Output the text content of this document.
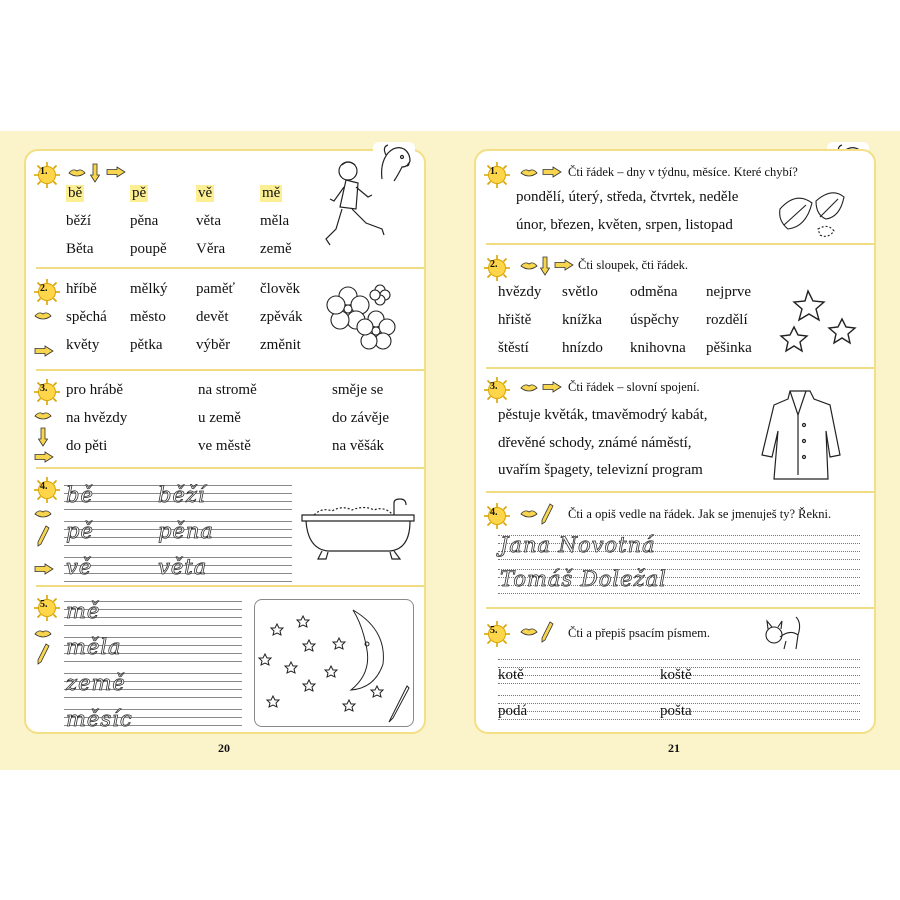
1.
bě	pě	vě	mě
běží	pěna	věta	měla
Běta poupě Věra země
2. hříbě mělký paměť člověk
spěchá město devět zpěvák
květy pětka výběr změnit
3. pro hrábě	na stromě	směje se
na hvězdy	u země	do závěje
do pěti	ve městě	na věšák
4. bě	běží
pě	pěna
vě	věta
5. mě
měla
země
měsíc
1.	Čti řádek – dny v týdnu, měsíce. Které chybí?
pondělí, úterý, středa, čtvrtek, neděle
únor, březen, květen, srpen, listopad
2.	Čti sloupek, čti řádek.
hvězdy světlo odměna nejprve
hřiště knížka úspěchy rozdělí
štěstí hnízdo knihovna pěšinka
3.	Čti řádek – slovní spojení.
pěstuje květák, tmavěmodrý kabát,
dřevěné schody, známé náměstí,
uvařím špagety, televizní program
4.	Čti a opiš vedle na řádek. Jak se jmenuješ ty? Řekni.
Jana Novotná
Tomáš Doležal
5.	Čti a přepiš psacím písmem.
kotě	koště
podá	pošta
20	21
